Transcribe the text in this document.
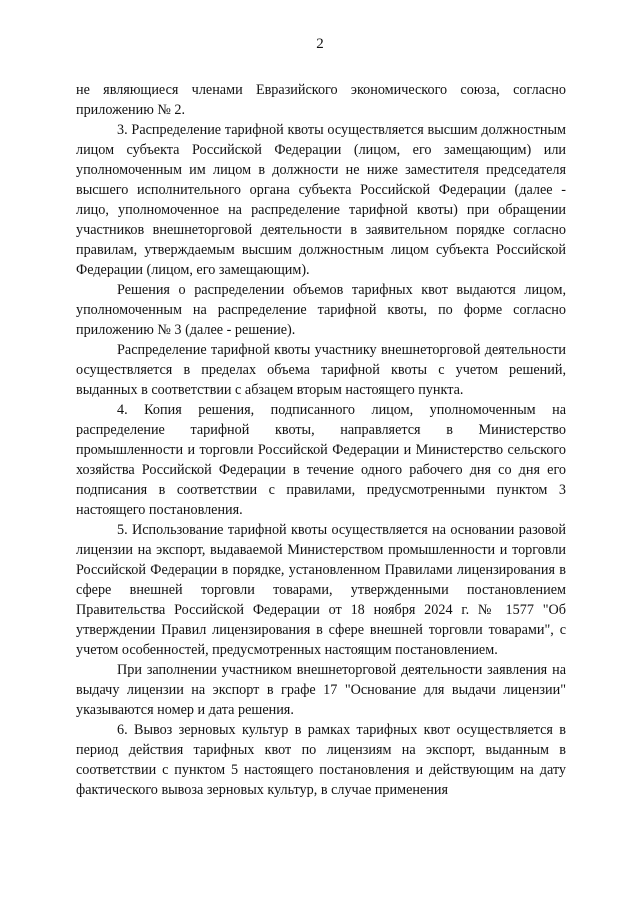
2

не являющиеся членами Евразийского экономического союза, согласно приложению № 2.

3. Распределение тарифной квоты осуществляется высшим должностным лицом субъекта Российской Федерации (лицом, его замещающим) или уполномоченным им лицом в должности не ниже заместителя председателя высшего исполнительного органа субъекта Российской Федерации (далее - лицо, уполномоченное на распределение тарифной квоты) при обращении участников внешнеторговой деятельности в заявительном порядке согласно правилам, утверждаемым высшим должностным лицом субъекта Российской Федерации (лицом, его замещающим).

Решения о распределении объемов тарифных квот выдаются лицом, уполномоченным на распределение тарифной квоты, по форме согласно приложению № 3 (далее - решение).

Распределение тарифной квоты участнику внешнеторговой деятельности осуществляется в пределах объема тарифной квоты с учетом решений, выданных в соответствии с абзацем вторым настоящего пункта.

4. Копия решения, подписанного лицом, уполномоченным на распределение тарифной квоты, направляется в Министерство промышленности и торговли Российской Федерации и Министерство сельского хозяйства Российской Федерации в течение одного рабочего дня со дня его подписания в соответствии с правилами, предусмотренными пунктом 3 настоящего постановления.

5. Использование тарифной квоты осуществляется на основании разовой лицензии на экспорт, выдаваемой Министерством промышленности и торговли Российской Федерации в порядке, установленном Правилами лицензирования в сфере внешней торговли товарами, утвержденными постановлением Правительства Российской Федерации от 18 ноября 2024 г. № 1577 "Об утверждении Правил лицензирования в сфере внешней торговли товарами", с учетом особенностей, предусмотренных настоящим постановлением.

При заполнении участником внешнеторговой деятельности заявления на выдачу лицензии на экспорт в графе 17 "Основание для выдачи лицензии" указываются номер и дата решения.

6. Вывоз зерновых культур в рамках тарифных квот осуществляется в период действия тарифных квот по лицензиям на экспорт, выданным в соответствии с пунктом 5 настоящего постановления и действующим на дату фактического вывоза зерновых культур, в случае применения
